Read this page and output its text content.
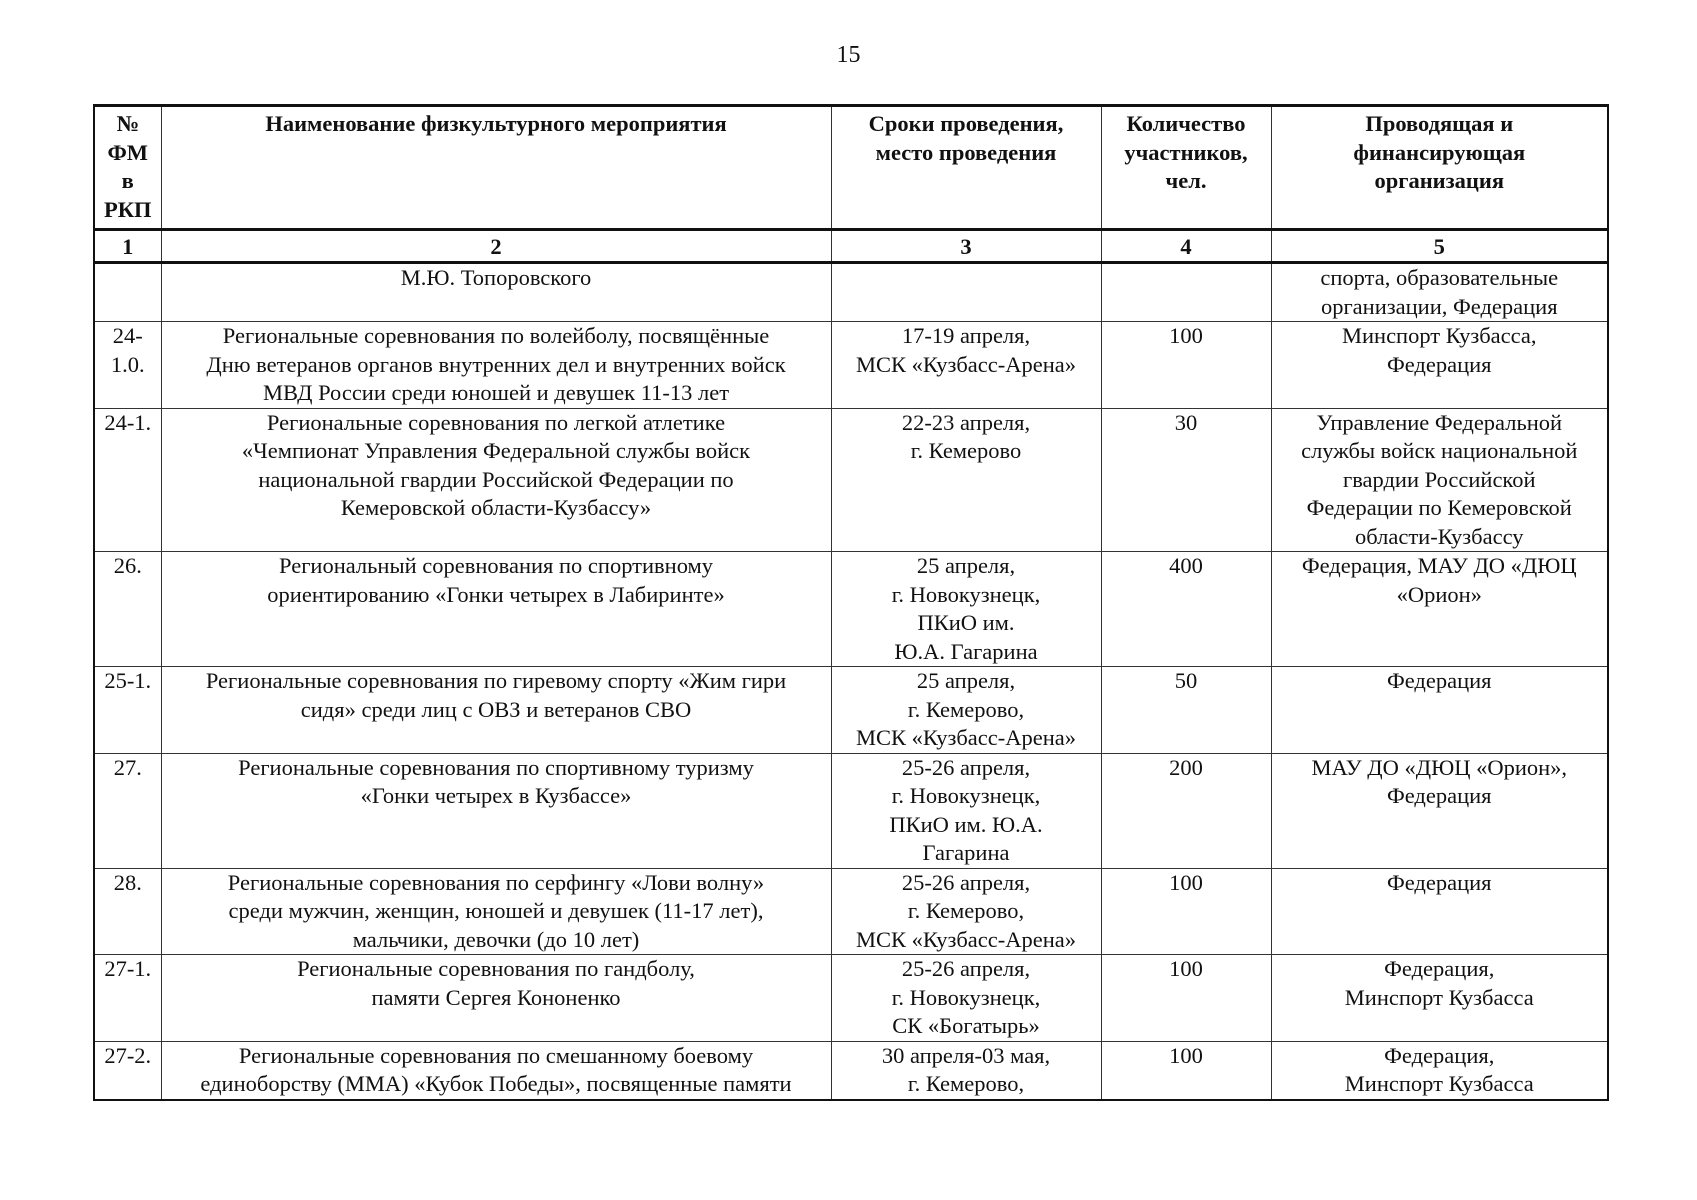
15
№
ФМ
в
РКП	Наименование физкультурного мероприятия	Сроки проведения,
место проведения	Количество
участников,
чел.	Проводящая и
финансирующая
организация

1	2	3	4	5

	М.Ю. Топоровского			спорта, образовательные
организации, Федерация

24-
1.0.	Региональные соревнования по волейболу, посвящённые
Дню ветеранов органов внутренних дел и внутренних войск
МВД России среди юношей и девушек 11-13 лет	17-19 апреля,
МСК «Кузбасс-Арена»	100	Минспорт Кузбасса,
Федерация

24-1.	Региональные соревнования по легкой атлетике
«Чемпионат Управления Федеральной службы войск
национальной гвардии Российской Федерации по
Кемеровской области-Кузбассу»	22-23 апреля,
г. Кемерово	30	Управление Федеральной
службы войск национальной
гвардии Российской
Федерации по Кемеровской
области-Кузбассу

26.	Региональный соревнования по спортивному
ориентированию «Гонки четырех в Лабиринте»	25 апреля,
г. Новокузнецк,
ПКиО им.
Ю.А. Гагарина	400	Федерация, МАУ ДО «ДЮЦ
«Орион»

25-1.	Региональные соревнования по гиревому спорту «Жим гири
сидя» среди лиц с ОВЗ и ветеранов СВО	25 апреля,
г. Кемерово,
МСК «Кузбасс-Арена»	50	Федерация

27.	Региональные соревнования по спортивному туризму
«Гонки четырех в Кузбассе»	25-26 апреля,
г. Новокузнецк,
ПКиО им. Ю.А.
Гагарина	200	МАУ ДО «ДЮЦ «Орион»,
Федерация

28.	Региональные соревнования по серфингу «Лови волну»
среди мужчин, женщин, юношей и девушек (11-17 лет),
мальчики, девочки (до 10 лет)	25-26 апреля,
г. Кемерово,
МСК «Кузбасс-Арена»	100	Федерация

27-1.	Региональные соревнования по гандболу,
памяти Сергея Кононенко	25-26 апреля,
г. Новокузнецк,
СК «Богатырь»	100	Федерация,
Минспорт Кузбасса

27-2.	Региональные соревнования по смешанному боевому
единоборству (ММА) «Кубок Победы», посвященные памяти	30 апреля-03 мая,
г. Кемерово,	100	Федерация,
Минспорт Кузбасса
